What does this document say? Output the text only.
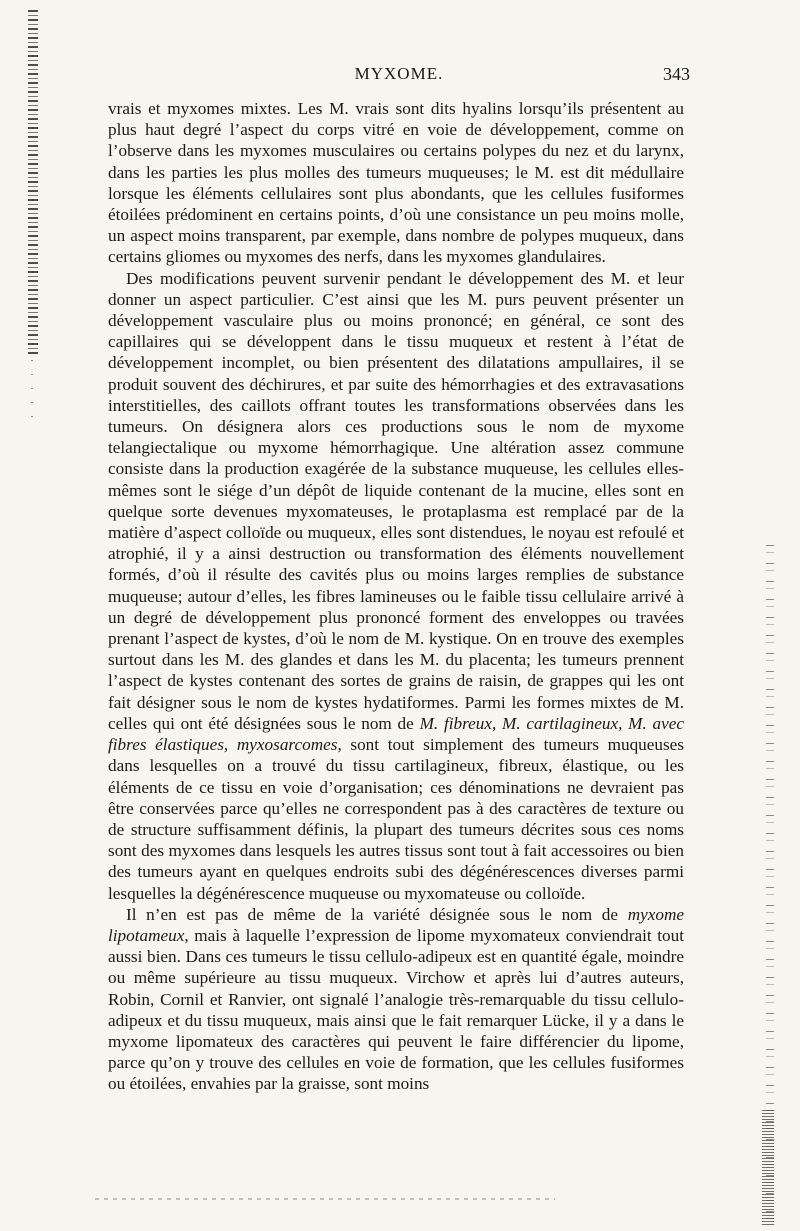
MYXOME.	343

vrais et myxomes mixtes. Les M. vrais sont dits hyalins lorsqu’ils présentent au plus haut degré l’aspect du corps vitré en voie de développement, comme on l’observe dans les myxomes musculaires ou certains polypes du nez et du larynx, dans les parties les plus molles des tumeurs muqueuses; le M. est dit médullaire lorsque les éléments cellulaires sont plus abondants, que les cellules fusiformes étoilées prédominent en certains points, d’où une consistance un peu moins molle, un aspect moins transparent, par exemple, dans nombre de polypes muqueux, dans certains gliomes ou myxomes des nerfs, dans les myxomes glandulaires.

Des modifications peuvent survenir pendant le développement des M. et leur donner un aspect particulier. C’est ainsi que les M. purs peuvent présenter un développement vasculaire plus ou moins prononcé; en général, ce sont des capillaires qui se développent dans le tissu muqueux et restent à l’état de développement incomplet, ou bien présentent des dilatations ampullaires, il se produit souvent des déchirures, et par suite des hémorrhagies et des extravasations interstitielles, des caillots offrant toutes les transformations observées dans les tumeurs. On désignera alors ces productions sous le nom de myxome telangiectalique ou myxome hémorrhagique. Une altération assez commune consiste dans la production exagérée de la substance muqueuse, les cellules elles-mêmes sont le siége d’un dépôt de liquide contenant de la mucine, elles sont en quelque sorte devenues myxomateuses, le protaplasma est remplacé par de la matière d’aspect colloïde ou muqueux, elles sont distendues, le noyau est refoulé et atrophié, il y a ainsi destruction ou transformation des éléments nouvellement formés, d’où il résulte des cavités plus ou moins larges remplies de substance muqueuse; autour d’elles, les fibres lamineuses ou le faible tissu cellulaire arrivé à un degré de développement plus prononcé forment des enveloppes ou travées prenant l’aspect de kystes, d’où le nom de M. kystique. On en trouve des exemples surtout dans les M. des glandes et dans les M. du placenta; les tumeurs prennent l’aspect de kystes contenant des sortes de grains de raisin, de grappes qui les ont fait désigner sous le nom de kystes hydatiformes. Parmi les formes mixtes de M. celles qui ont été désignées sous le nom de M. fibreux, M. cartilagineux, M. avec fibres élastiques, myxosarcomes, sont tout simplement des tumeurs muqueuses dans lesquelles on a trouvé du tissu cartilagineux, fibreux, élastique, ou les éléments de ce tissu en voie d’organisation; ces dénominations ne devraient pas être conservées parce qu’elles ne correspondent pas à des caractères de texture ou de structure suffisamment définis, la plupart des tumeurs décrites sous ces noms sont des myxomes dans lesquels les autres tissus sont tout à fait accessoires ou bien des tumeurs ayant en quelques endroits subi des dégénérescences diverses parmi lesquelles la dégénérescence muqueuse ou myxomateuse ou colloïde.

Il n’en est pas de même de la variété désignée sous le nom de myxome lipotameux, mais à laquelle l’expression de lipome myxomateux conviendrait tout aussi bien. Dans ces tumeurs le tissu cellulo-adipeux est en quantité égale, moindre ou même supérieure au tissu muqueux. Virchow et après lui d’autres auteurs, Robin, Cornil et Ranvier, ont signalé l’analogie très-remarquable du tissu cellulo-adipeux et du tissu muqueux, mais ainsi que le fait remarquer Lücke, il y a dans le myxome lipomateux des caractères qui peuvent le faire différencier du lipome, parce qu’on y trouve des cellules en voie de formation, que les cellules fusiformes ou étoilées, envahies par la graisse, sont moins
